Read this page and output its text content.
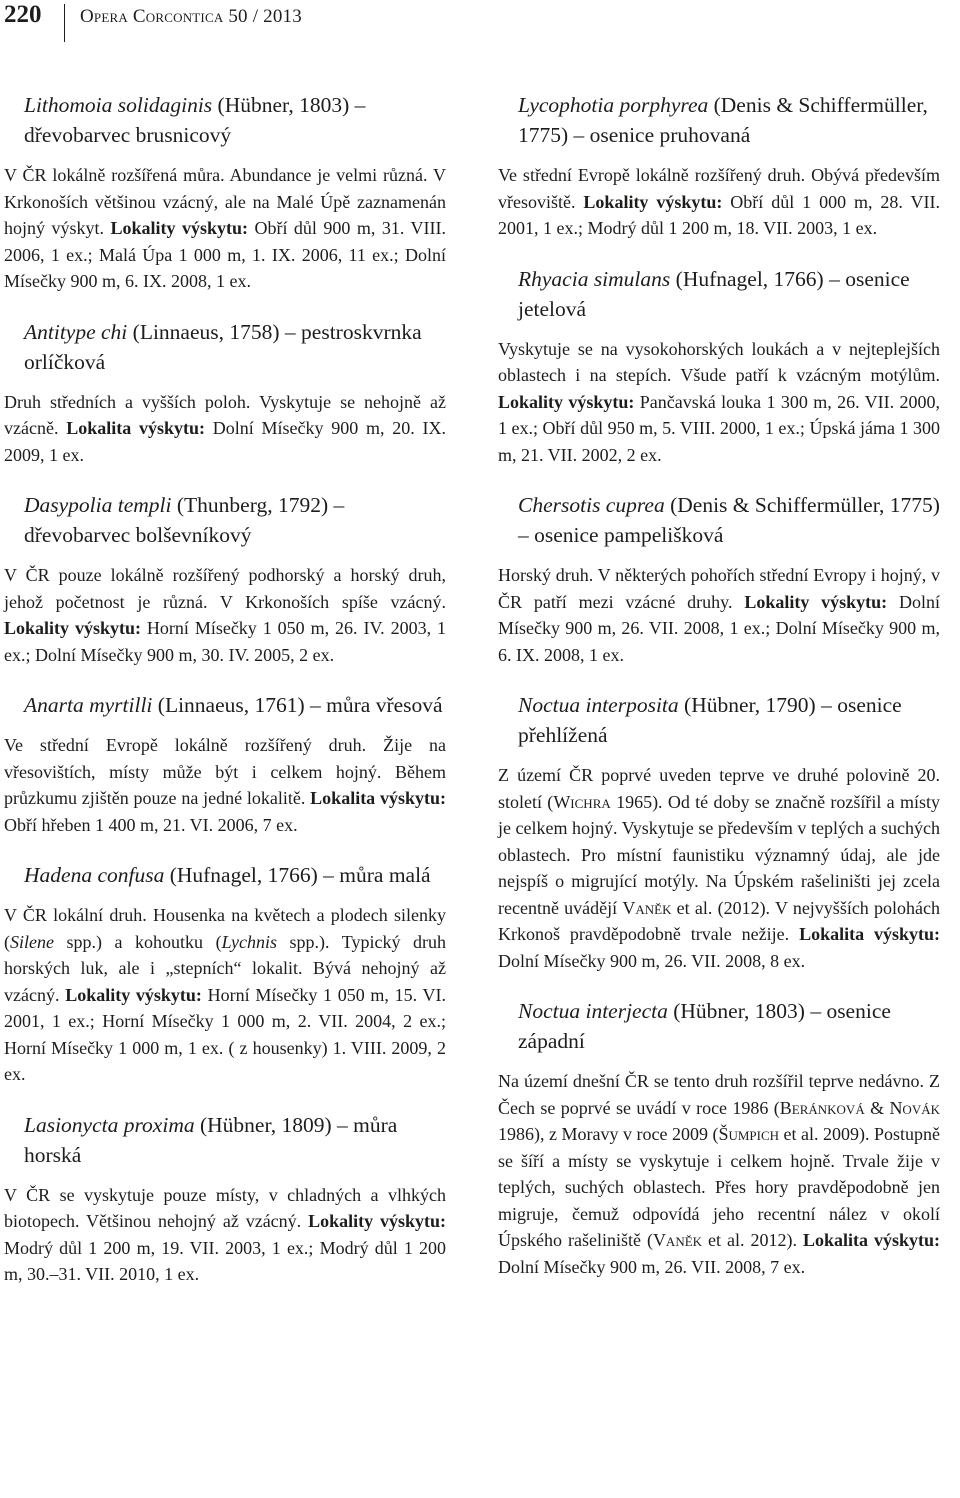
220 Opera Corcontica 50 / 2013
Lithomoia solidaginis (Hübner, 1803) – dřevobarvec brusnicový

V ČR lokálně rozšířená můra. Abundance je velmi různá. V Krkonoších většinou vzácný, ale na Malé Úpě zaznamenán hojný výskyt. Lokality výskytu: Obří důl 900 m, 31. VIII. 2006, 1 ex.; Malá Úpa 1 000 m, 1. IX. 2006, 11 ex.; Dolní Mísečky 900 m, 6. IX. 2008, 1 ex.

Antitype chi (Linnaeus, 1758) – pestroskvrnka orlíčková

Druh středních a vyšších poloh. Vyskytuje se nehojně až vzácně. Lokalita výskytu: Dolní Mísečky 900 m, 20. IX. 2009, 1 ex.

Dasypolia templi (Thunberg, 1792) – dřevobarvec bolševníkový

V ČR pouze lokálně rozšířený podhorský a horský druh, jehož početnost je různá. V Krkonoších spíše vzácný. Lokality výskytu: Horní Mísečky 1 050 m, 26. IV. 2003, 1 ex.; Dolní Mísečky 900 m, 30. IV. 2005, 2 ex.

Anarta myrtilli (Linnaeus, 1761) – můra vřesová

Ve střední Evropě lokálně rozšířený druh. Žije na vřesovištích, místy může být i celkem hojný. Během průzkumu zjištěn pouze na jedné lokalitě. Lokalita výskytu: Obří hřeben 1 400 m, 21. VI. 2006, 7 ex.

Hadena confusa (Hufnagel, 1766) – můra malá

V ČR lokální druh. Housenka na květech a plodech silenky (Silene spp.) a kohoutku (Lychnis spp.). Typický druh horských luk, ale i „stepních“ lokalit. Bývá nehojný až vzácný. Lokality výskytu: Horní Mísečky 1 050 m, 15. VI. 2001, 1 ex.; Horní Mísečky 1 000 m, 2. VII. 2004, 2 ex.; Horní Mísečky 1 000 m, 1 ex. ( z housenky) 1. VIII. 2009, 2 ex.

Lasionycta proxima (Hübner, 1809) – můra horská

V ČR se vyskytuje pouze místy, v chladných a vlhkých biotopech. Většinou nehojný až vzácný. Lokality výskytu: Modrý důl 1 200 m, 19. VII. 2003, 1 ex.; Modrý důl 1 200 m, 30.–31. VII. 2010, 1 ex.

Lycophotia porphyrea (Denis & Schiffermüller, 1775) – osenice pruhovaná

Ve střední Evropě lokálně rozšířený druh. Obývá především vřesoviště. Lokality výskytu: Obří důl 1 000 m, 28. VII. 2001, 1 ex.; Modrý důl 1 200 m, 18. VII. 2003, 1 ex.

Rhyacia simulans (Hufnagel, 1766) – osenice jetelová

Vyskytuje se na vysokohorských loukách a v nejteplejších oblastech i na stepích. Všude patří k vzácným motýlům. Lokality výskytu: Pančavská louka 1 300 m, 26. VII. 2000, 1 ex.; Obří důl 950 m, 5. VIII. 2000, 1 ex.; Úpská jáma 1 300 m, 21. VII. 2002, 2 ex.

Chersotis cuprea (Denis & Schiffermüller, 1775) – osenice pampelišková

Horský druh. V některých pohořích střední Evropy i hojný, v ČR patří mezi vzácné druhy. Lokality výskytu: Dolní Mísečky 900 m, 26. VII. 2008, 1 ex.; Dolní Mísečky 900 m, 6. IX. 2008, 1 ex.

Noctua interposita (Hübner, 1790) – osenice přehlížená

Z území ČR poprvé uveden teprve ve druhé polovině 20. století (Wichra 1965). Od té doby se značně rozšířil a místy je celkem hojný. Vyskytuje se především v teplých a suchých oblastech. Pro místní faunistiku významný údaj, ale jde nejspíš o migrující motýly. Na Úpském rašeliništi jej zcela recentně uvádějí Vaněk et al. (2012). V nejvyšších polohách Krkonoš pravděpodobně trvale nežije. Lokalita výskytu: Dolní Mísečky 900 m, 26. VII. 2008, 8 ex.

Noctua interjecta (Hübner, 1803) – osenice západní

Na území dnešní ČR se tento druh rozšířil teprve nedávno. Z Čech se poprvé se uvádí v roce 1986 (Beránková & Novák 1986), z Moravy v roce 2009 (Šumpich et al. 2009). Postupně se šíří a místy se vyskytuje i celkem hojně. Trvale žije v teplých, suchých oblastech. Přes hory pravděpodobně jen migruje, čemuž odpovídá jeho recentní nález v okolí Úpského rašeliniště (Vaněk et al. 2012). Lokalita výskytu: Dolní Mísečky 900 m, 26. VII. 2008, 7 ex.
